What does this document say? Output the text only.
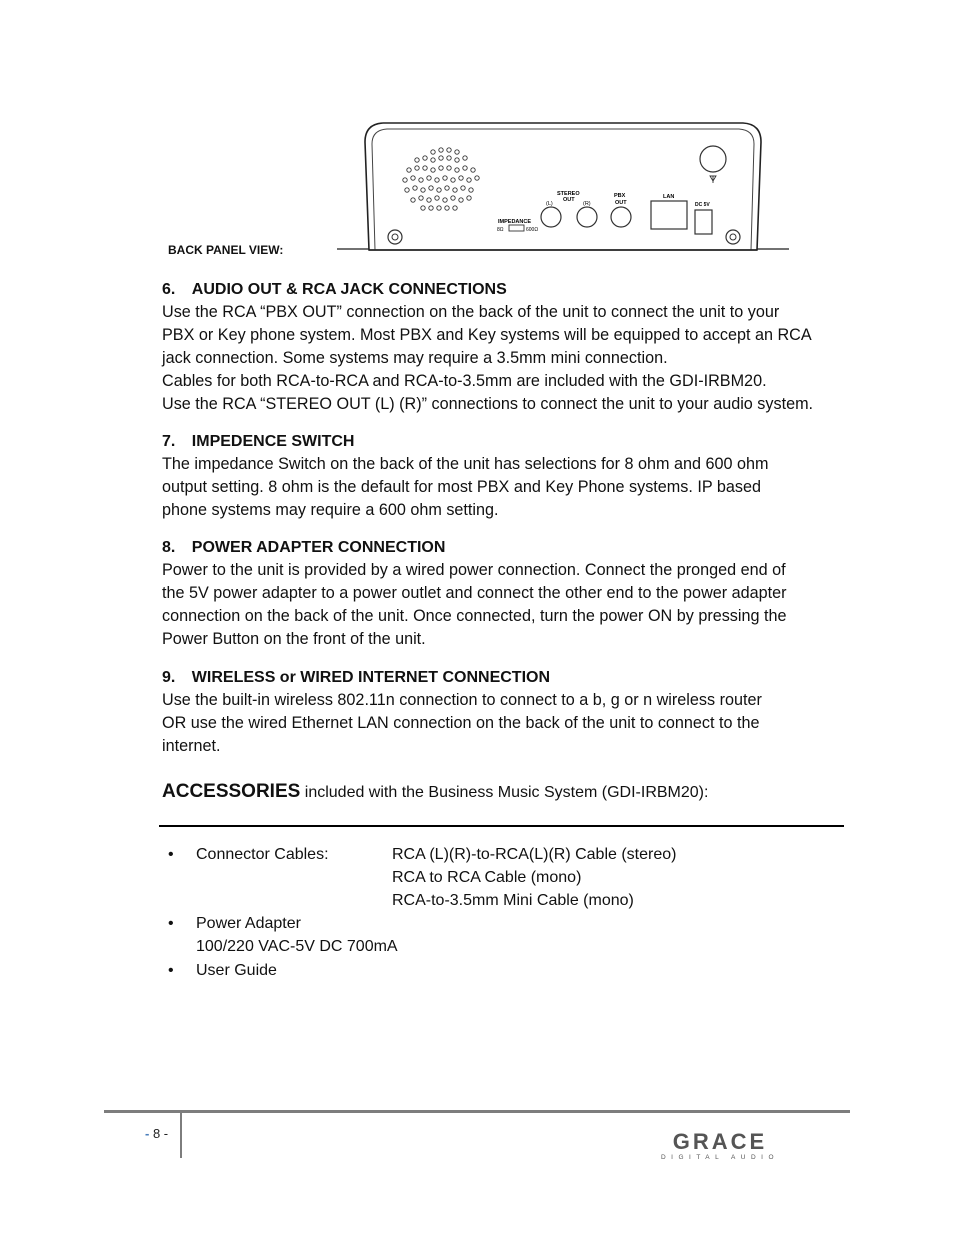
IMPEDANCE
8Ω	600Ω
STEREO
OUT
(L)	(R)
PBX
OUT
LAN
DC 5V
BACK PANEL VIEW:
6. AUDIO OUT & RCA JACK CONNECTIONS
Use the RCA “PBX OUT” connection on the back of the unit to connect the unit to your
PBX or Key phone system. Most PBX and Key systems will be equipped to accept an RCA
jack connection. Some systems may require a 3.5mm mini connection.
Cables for both RCA-to-RCA and RCA-to-3.5mm are included with the GDI-IRBM20.
Use the RCA “STEREO OUT (L) (R)” connections to connect the unit to your audio system.
7. IMPEDENCE SWITCH
The impedance Switch on the back of the unit has selections for 8 ohm and 600 ohm
output setting. 8 ohm is the default for most PBX and Key Phone systems. IP based
phone systems may require a 600 ohm setting.
8. POWER ADAPTER CONNECTION
Power to the unit is provided by a wired power connection. Connect the pronged end of
the 5V power adapter to a power outlet and connect the other end to the power adapter
connection on the back of the unit. Once connected, turn the power ON by pressing the
Power Button on the front of the unit.
9. WIRELESS or WIRED INTERNET CONNECTION
Use the built-in wireless 802.11n connection to connect to a b, g or n wireless router
OR use the wired Ethernet LAN connection on the back of the unit to connect to the
internet.
ACCESSORIES included with the Business Music System (GDI-IRBM20):
• Connector Cables:	RCA (L)(R)-to-RCA(L)(R) Cable (stereo)
RCA to RCA Cable (mono)
RCA-to-3.5mm Mini Cable (mono)
• Power Adapter
100/220 VAC-5V DC 700mA
• User Guide
- 8 -	GRACE
DIGITAL AUDIO
